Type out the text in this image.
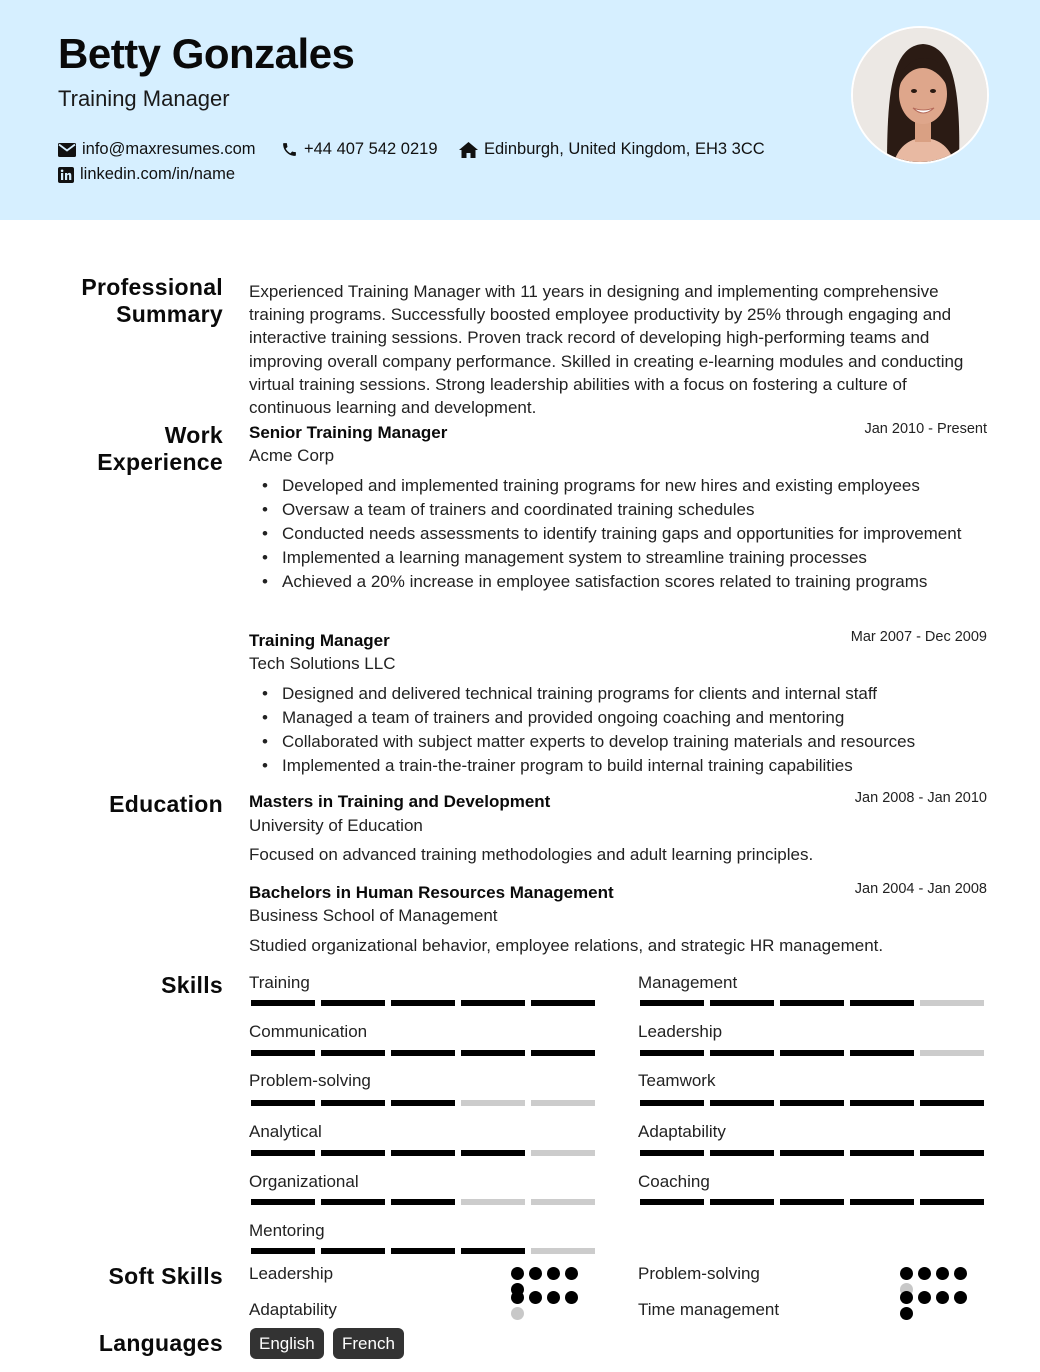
Betty Gonzales
Training Manager
info@maxresumes.com	+44 407 542 0219	Edinburgh, United Kingdom, EH3 3CC
linkedin.com/in/name
Professional
Summary
Experienced Training Manager with 11 years in designing and implementing comprehensive training programs. Successfully boosted employee productivity by 25% through engaging and interactive training sessions. Proven track record of developing high-performing teams and improving overall company performance. Skilled in creating e-learning modules and conducting virtual training sessions. Strong leadership abilities with a focus on fostering a culture of continuous learning and development.
Work
Experience
Senior Training Manager	Jan 2010 - Present
Acme Corp
• Developed and implemented training programs for new hires and existing employees
• Oversaw a team of trainers and coordinated training schedules
• Conducted needs assessments to identify training gaps and opportunities for improvement
• Implemented a learning management system to streamline training processes
• Achieved a 20% increase in employee satisfaction scores related to training programs
Training Manager	Mar 2007 - Dec 2009
Tech Solutions LLC
• Designed and delivered technical training programs for clients and internal staff
• Managed a team of trainers and provided ongoing coaching and mentoring
• Collaborated with subject matter experts to develop training materials and resources
• Implemented a train-the-trainer program to build internal training capabilities
Education Masters in Training and Development	Jan 2008 - Jan 2010
University of Education
Focused on advanced training methodologies and adult learning principles.
Bachelors in Human Resources Management	Jan 2004 - Jan 2008
Business School of Management
Studied organizational behavior, employee relations, and strategic HR management.
Skills Training	Management
Communication	Leadership
Problem-solving	Teamwork
Analytical	Adaptability
Organizational	Coaching
Mentoring
Soft Skills Leadership	Problem-solving
Adaptability	Time management
Languages	English	French
